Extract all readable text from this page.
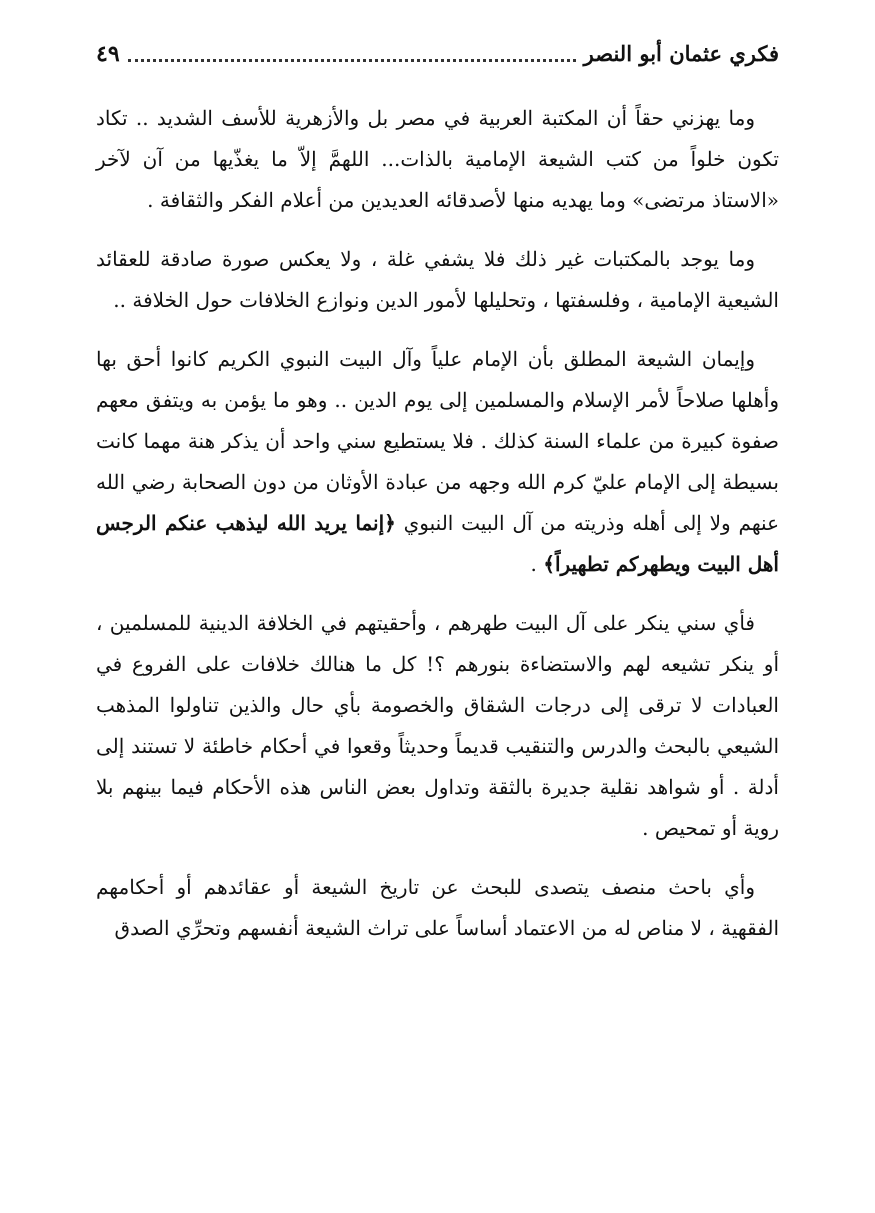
فكري عثمان أبو النصر
٤٩

وما يهزني حقاً أن المكتبة العربية في مصر بل والأزهرية للأسف الشديد .. تكاد تكون خلواً من كتب الشيعة الإمامية بالذات... اللهمَّ إلاّ ما يغذّيها من آن لآخر «الاستاذ مرتضى» وما يهديه منها لأصدقائه العديدين من أعلام الفكر والثقافة .

وما يوجد بالمكتبات غير ذلك فلا يشفي غلة ، ولا يعكس صورة صادقة للعقائد الشيعية الإمامية ، وفلسفتها ، وتحليلها لأمور الدين ونوازع الخلافات حول الخلافة ..

وإيمان الشيعة المطلق بأن الإمام علياً وآل البيت النبوي الكريم كانوا أحق بها وأهلها صلاحاً لأمر الإسلام والمسلمين إلى يوم الدين .. وهو ما يؤمن به ويتفق معهم صفوة كبيرة من علماء السنة كذلك . فلا يستطيع سني واحد أن يذكر هنة مهما كانت بسيطة إلى الإمام عليّ كرم الله وجهه من عبادة الأوثان من دون الصحابة رضي الله عنهم ولا إلى أهله وذريته من آل البيت النبوي ﴿إنما يريد الله ليذهب عنكم الرجس أهل البيت ويطهركم تطهيراً﴾ .

فأي سني ينكر على آل البيت طهرهم ، وأحقيتهم في الخلافة الدينية للمسلمين ، أو ينكر تشيعه لهم والاستضاءة بنورهم ؟! كل ما هنالك خلافات على الفروع في العبادات لا ترقى إلى درجات الشقاق والخصومة بأي حال والذين تناولوا المذهب الشيعي بالبحث والدرس والتنقيب قديماً وحديثاً وقعوا في أحكام خاطئة لا تستند إلى أدلة . أو شواهد نقلية جديرة بالثقة وتداول بعض الناس هذه الأحكام فيما بينهم بلا روية أو تمحيص .

وأي باحث منصف يتصدى للبحث عن تاريخ الشيعة أو عقائدهم أو أحكامهم الفقهية ، لا مناص له من الاعتماد أساساً على تراث الشيعة أنفسهم وتحرِّي الصدق
